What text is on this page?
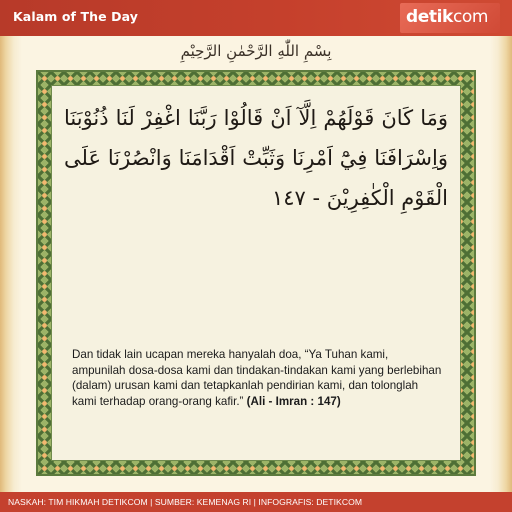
Kalam of The Day	detikcom
بِسْمِ اللّٰهِ الرَّحْمٰنِ الرَّحِيْمِ
وَمَا كَانَ قَوْلَهُمْ اِلَّآ اَنْ قَالُوْا رَبَّنَا اغْفِرْ لَنَا ذُنُوْبَنَا وَاِسْرَافَنَا فِيْٓ اَمْرِنَا وَثَبِّتْ اَقْدَامَنَا وَانْصُرْنَا عَلَى الْقَوْمِ الْكٰفِرِيْنَ - ١٤٧
Dan tidak lain ucapan mereka hanyalah doa, “Ya Tuhan kami, ampunilah dosa-dosa kami dan tindakan-tindakan kami yang berlebihan (dalam) urusan kami dan tetapkanlah pendirian kami, dan tolonglah kami terhadap orang-orang kafir.” (Ali - Imran : 147)
NASKAH: TIM HIKMAH DETIKCOM | SUMBER: KEMENAG RI | INFOGRAFIS: DETIKCOM
